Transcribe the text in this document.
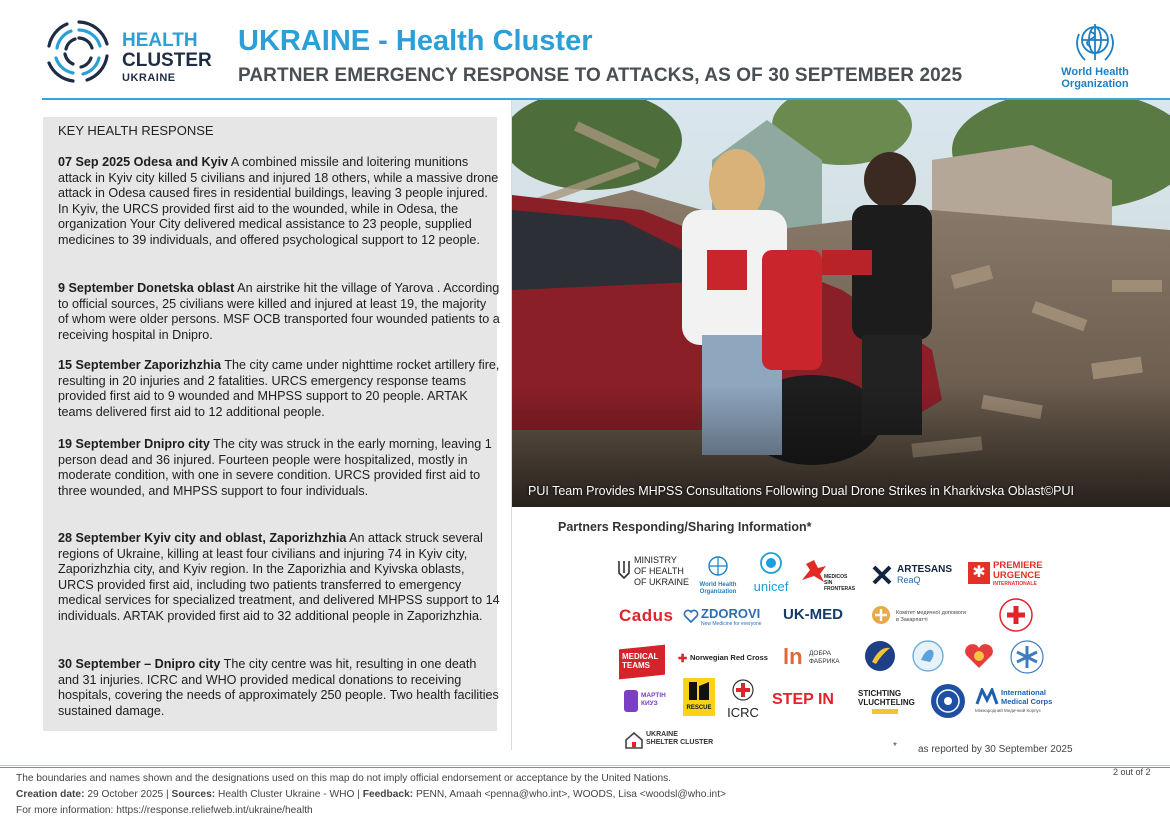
HEALTH
CLUSTER
UKRAINE
UKRAINE - Health Cluster
PARTNER EMERGENCY RESPONSE TO ATTACKS, AS OF 30 SEPTEMBER 2025	World Health
Organization
KEY HEALTH RESPONSE
07 Sep 2025 Odesa and Kyiv A combined missile and loitering munitions attack in Kyiv city killed 5 civilians and injured 18 others, while a massive drone attack in Odesa caused fires in residential buildings, leaving 3 people injured. In Kyiv, the URCS provided first aid to the wounded, while in Odesa, the organization Your City delivered medical assistance to 23 people, supplied medicines to 39 individuals, and offered psychological support to 12 people.
9 September Donetska oblast An airstrike hit the village of Yarova . According to official sources, 25 civilians were killed and injured at least 19, the majority of whom were older persons. MSF OCB transported four wounded patients to a receiving hospital in Dnipro.
15 September Zaporizhzhia The city came under nighttime rocket artillery fire, resulting in 20 injuries and 2 fatalities. URCS emergency response teams provided first aid to 9 wounded and MHPSS support to 20 people. ARTAK teams delivered first aid to 12 additional people.
19 September Dnipro city The city was struck in the early morning, leaving 1 person dead and 36 injured. Fourteen people were hospitalized, mostly in moderate condition, with one in severe condition. URCS provided first aid to three wounded, and MHPSS support to four individuals.
28 September Kyiv city and oblast, Zaporizhzhia An attack struck several regions of Ukraine, killing at least four civilians and injuring 74 in Kyiv city, Zaporizhzhia city, and Kyiv region. In the Zaporizhia and Kyivska oblasts, URCS provided first aid, including two patients transferred to emergency medical services for specialized treatment, and delivered MHPSS support to 14 individuals. ARTAK provided first aid to 32 additional people in Zaporizhzhia.
30 September – Dnipro city The city centre was hit, resulting in one death and 31 injuries. ICRC and WHO provided medical donations to receiving hospitals, covering the needs of approximately 250 people. Two health facilities sustained damage.
PUI Team Provides MHPSS Consultations Following Dual Drone Strikes in Kharkivska Oblast©PUI
Partners Responding/Sharing Information*
MINISTRY
OF HEALTH
OF UKRAINE	World Health
Organization unicef
MEDICOS
SIN FRONTERAS
ARTESANS
ReaQ	✱ PREMIERE
URGENCE
INTERNATIONALE
Cadus	ZDOROVI
New Medicine for everyone
UK-MED	Комітет медичної допомоги
в Закарпатті
MEDICAL
TEAMS
✚ Norwegian Red Cross ln ДОБРА
ФАБРИКА
МАРТІН
КИУЗ
RESCUE	ICRC
STEP IN	STICHTING
VLUCHTELING
International
Medical Corps
Міжнародний Медичний Корпус
UKRAINE
SHELTER CLUSTER	* as reported by 30 September 2025
The boundaries and names shown and the designations used on this map do not imply official endorsement or acceptance by the United Nations.
Creation date: 29 October 2025 | Sources: Health Cluster Ukraine - WHO | Feedback: PENN, Amaah <penna@who.int>, WOODS, Lisa <woodsl@who.int>
For more information: https://response.reliefweb.int/ukraine/health
2 out of 2
